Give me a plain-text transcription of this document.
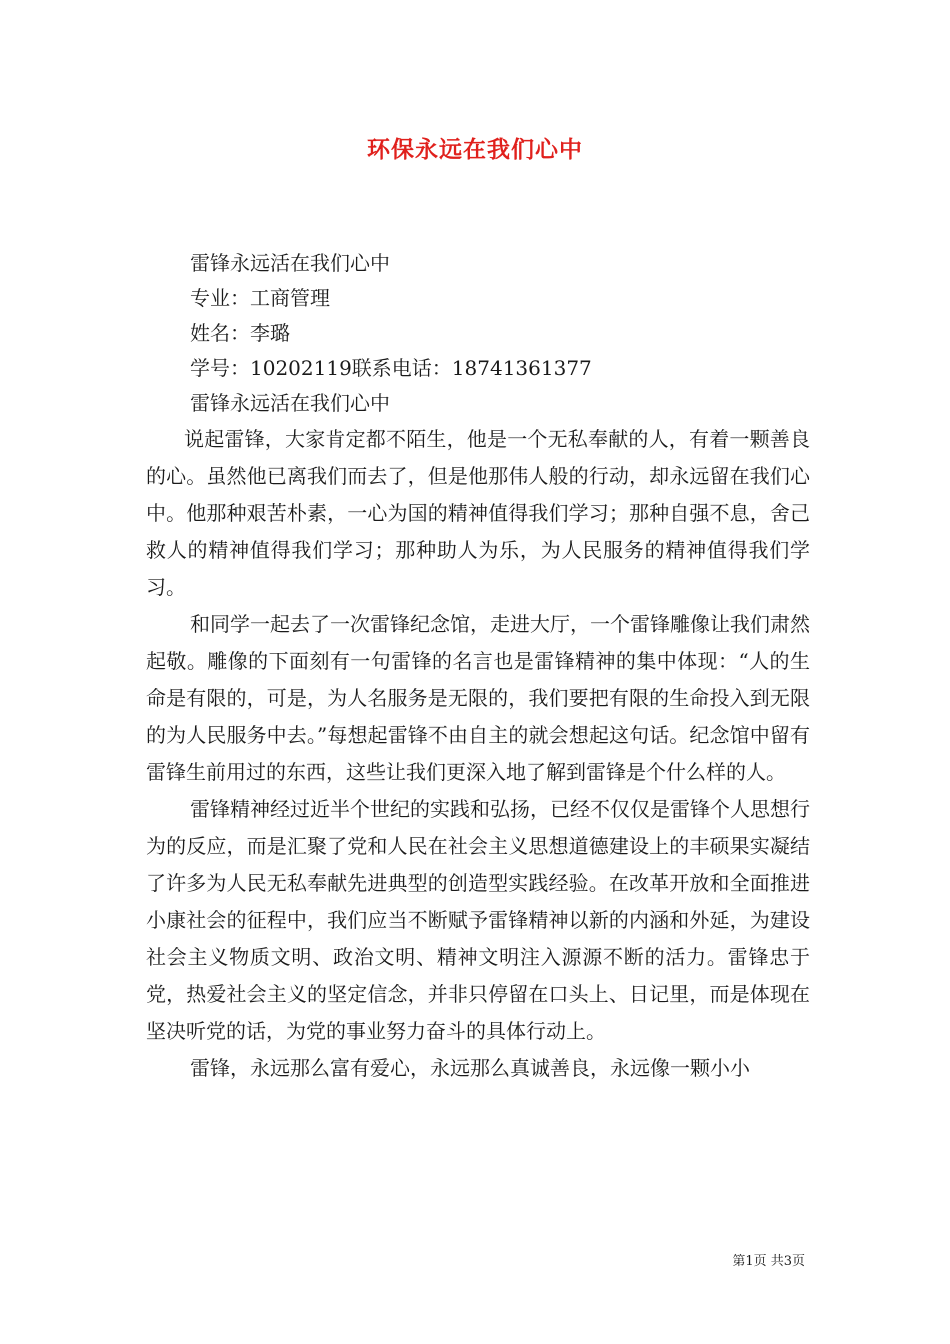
环保永远在我们心中

雷锋永远活在我们心中

专业：工商管理

姓名：李璐

学号：10202119联系电话：18741361377

雷锋永远活在我们心中

说起雷锋，大家肯定都不陌生，他是一个无私奉献的人，有着一颗善良的心。虽然他已离我们而去了，但是他那伟人般的行动，却永远留在我们心中。他那种艰苦朴素，一心为国的精神值得我们学习；那种自强不息，舍己救人的精神值得我们学习；那种助人为乐，为人民服务的精神值得我们学习。

和同学一起去了一次雷锋纪念馆，走进大厅，一个雷锋雕像让我们肃然起敬。雕像的下面刻有一句雷锋的名言也是雷锋精神的集中体现：“人的生命是有限的，可是，为人名服务是无限的，我们要把有限的生命投入到无限的为人民服务中去。”每想起雷锋不由自主的就会想起这句话。纪念馆中留有雷锋生前用过的东西，这些让我们更深入地了解到雷锋是个什么样的人。

雷锋精神经过近半个世纪的实践和弘扬，已经不仅仅是雷锋个人思想行为的反应，而是汇聚了党和人民在社会主义思想道德建设上的丰硕果实凝结了许多为人民无私奉献先进典型的创造型实践经验。在改革开放和全面推进小康社会的征程中，我们应当不断赋予雷锋精神以新的内涵和外延，为建设社会主义物质文明、政治文明、精神文明注入源源不断的活力。雷锋忠于党，热爱社会主义的坚定信念，并非只停留在口头上、日记里，而是体现在坚决听党的话，为党的事业努力奋斗的具体行动上。

雷锋，永远那么富有爱心，永远那么真诚善良，永远像一颗小小

第1页 共3页
